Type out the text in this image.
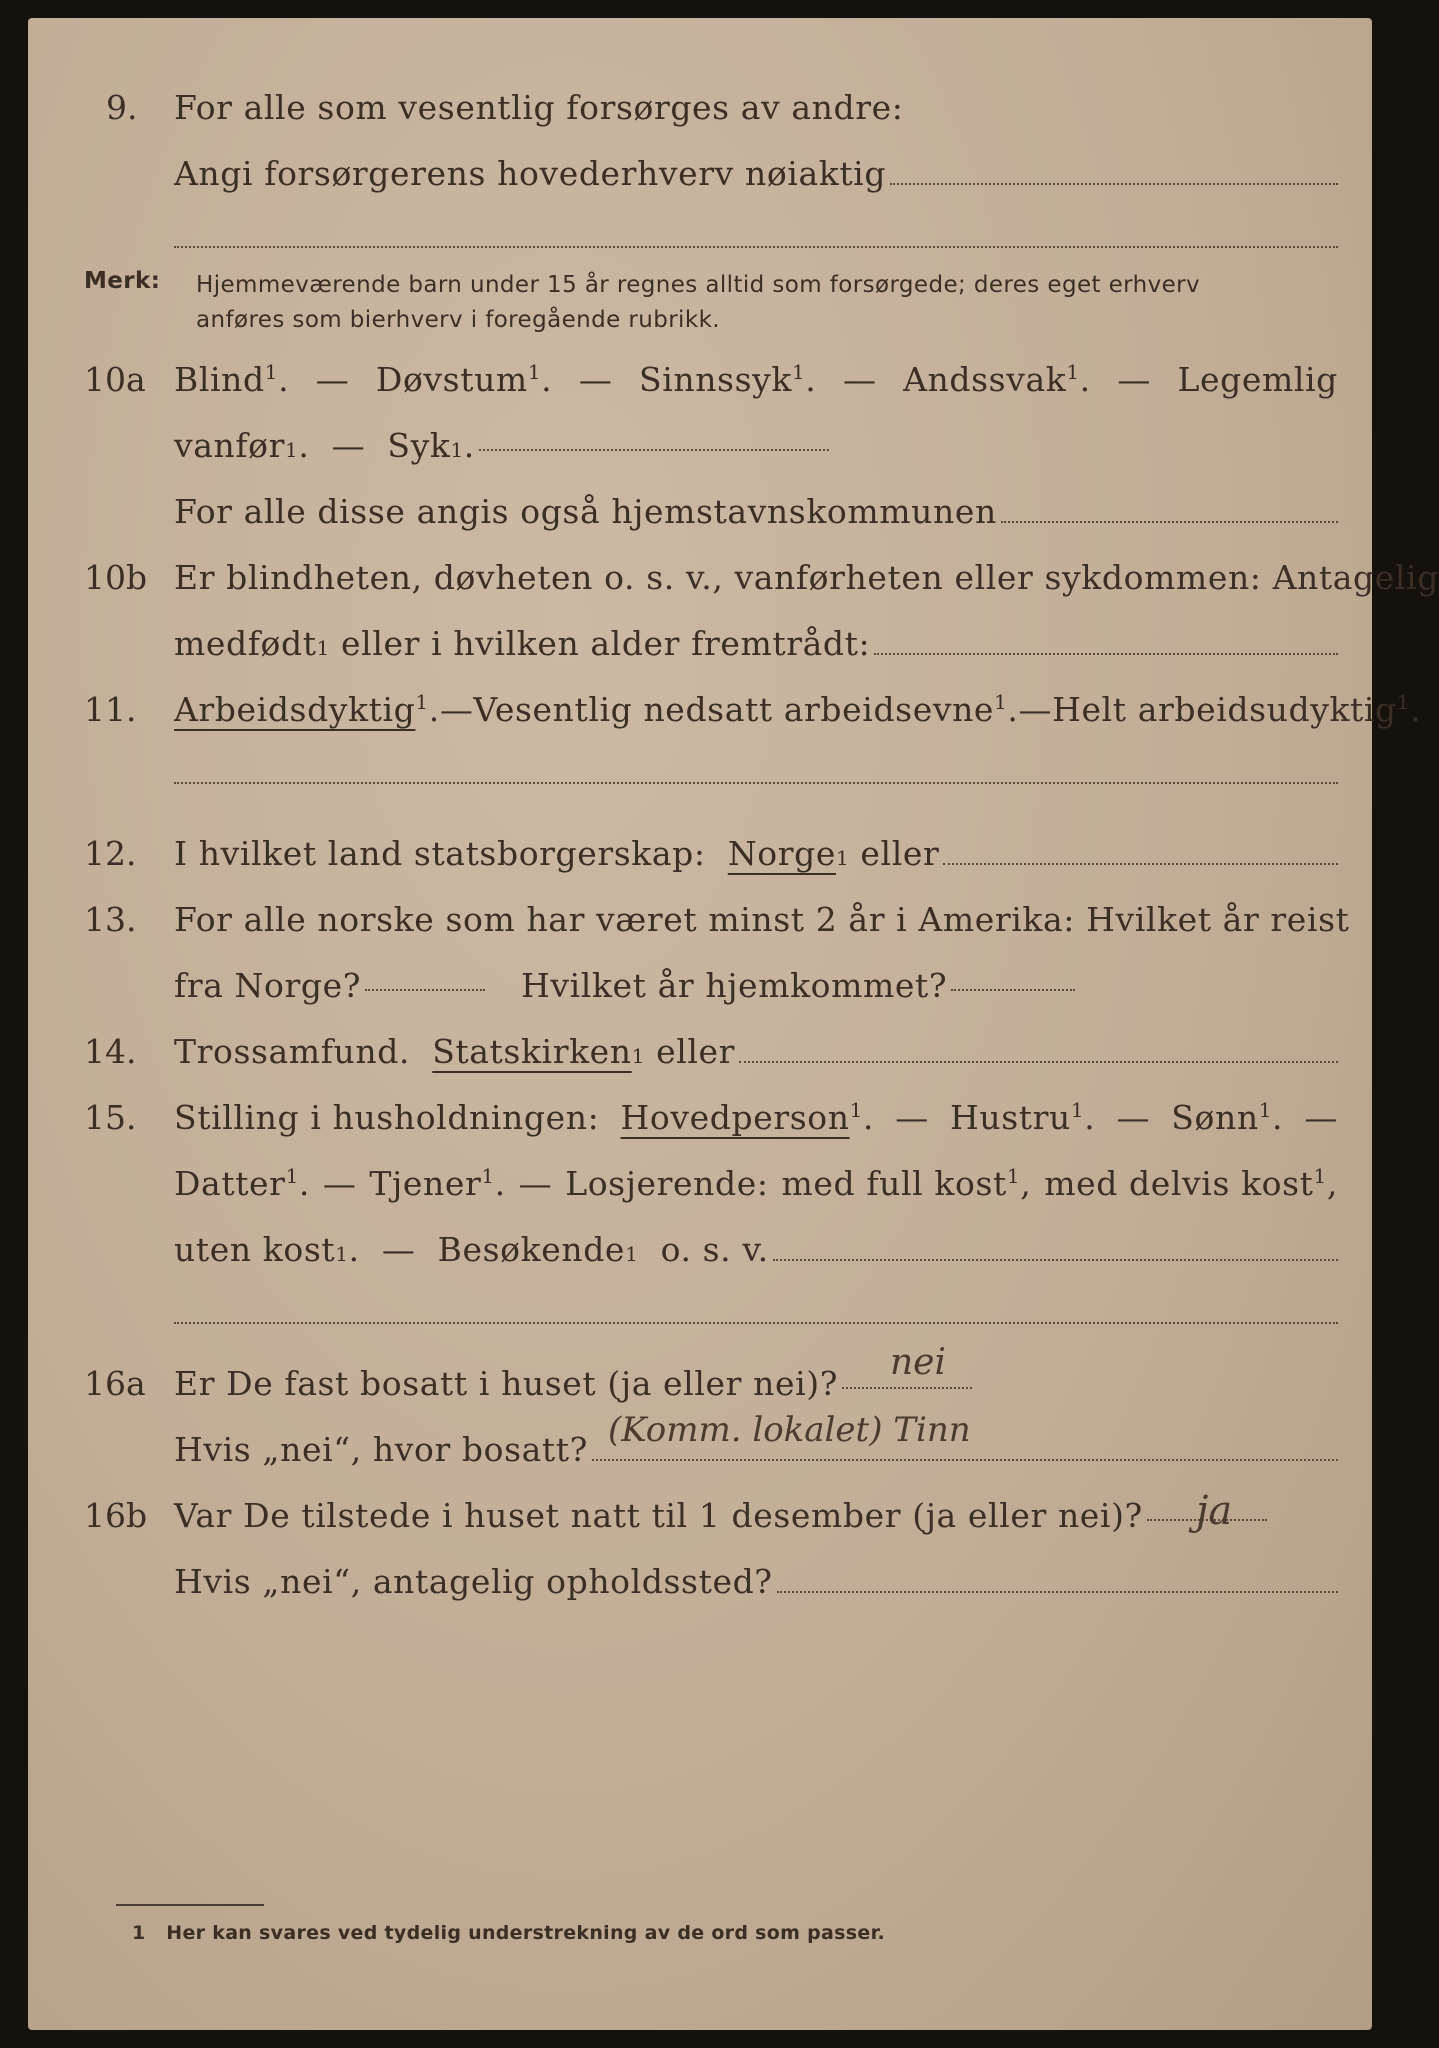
9. For alle som vesentlig forsørges av andre:
Angi forsørgerens hovederhverv nøiaktig
Merk: Hjemmeværende barn under 15 år regnes alltid som forsørgede; deres eget erhverv
anføres som bierhverv i foregående rubrikk.
10a Blind$^1$. — Døvstum$^1$. — Sinnssyk$^1$. — Andssvak$^1$. — Legemlig
vanfør 1 .  — Syk 1 .
For alle disse angis også hjemstavnskommunen
10b Er blindheten, døvheten o. s. v., vanførheten eller sykdommen: Antagelig
medfødt 1
eller i hvilken alder fremtrådt:
11. Arbeidsdyktig$^1$. — Vesentlig nedsatt arbeidsevne$^1$. — Helt arbeidsudyktig$^1$.
12. I hvilket land statsborgerskap:
Norge 1
eller
13. For alle norske som har været minst 2 år i Amerika: Hvilket år reist
fra Norge?	Hvilket år hjemkommet?
14. Trossamfund.
Statskirken 1
eller
15. Stilling i husholdningen: Hovedperson$^1$. — Hustru$^1$. — Sønn$^1$. —
Datter$^1$. — Tjener$^1$. — Losjerende: med full kost$^1$, med delvis kost$^1$,
uten kost 1 .  — Besøkende 1
o. s. v.
16a Er De fast bosatt i huset (ja eller nei)?
nei
Hvis „nei“, hvor bosatt? (Komm. lokalet) Tinn
16b Var De tilstede i huset natt til 1 desember (ja eller nei)? ja
Hvis „nei“, antagelig opholdssted?
1 Her kan svares ved tydelig understrekning av de ord som passer.
